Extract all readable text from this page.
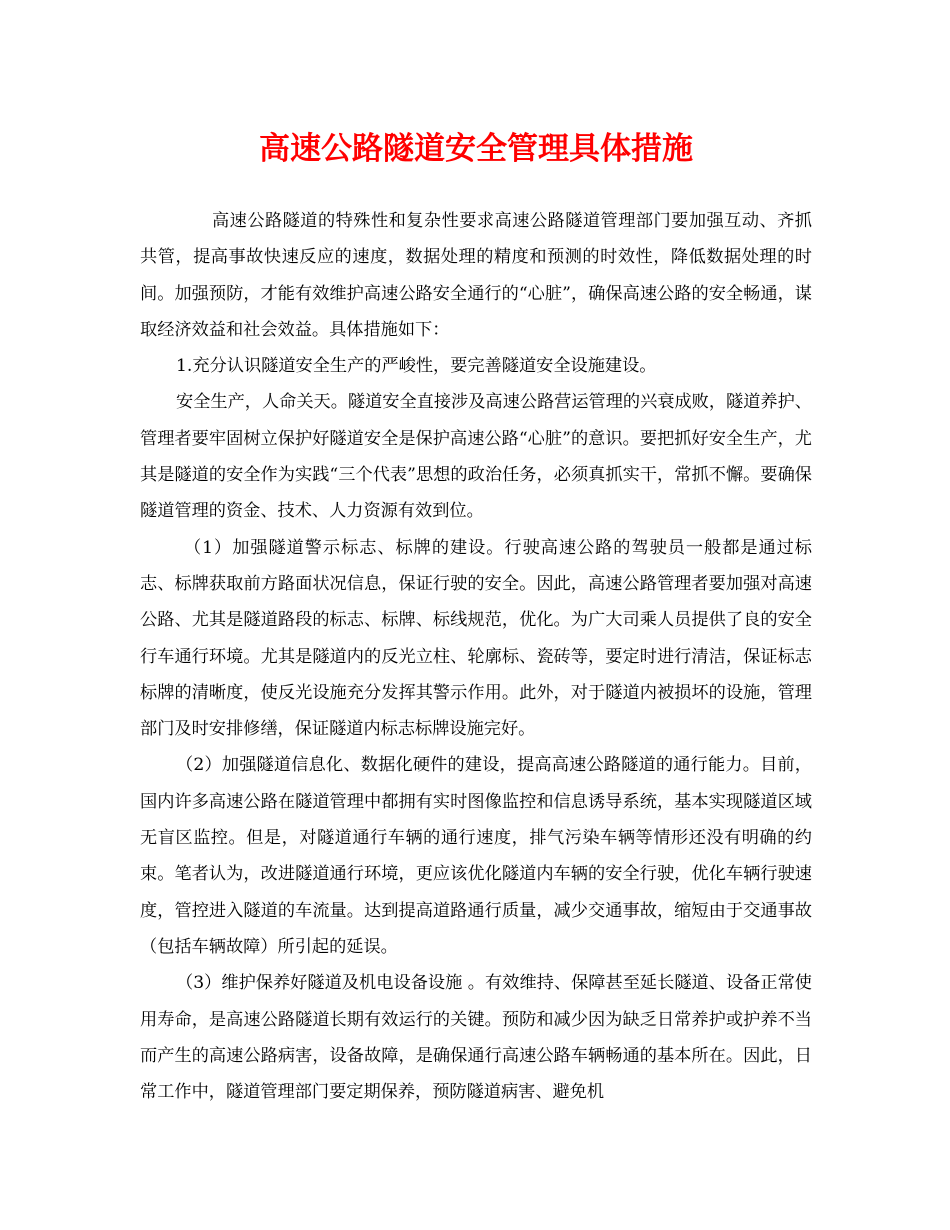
高速公路隧道安全管理具体措施

高速公路隧道的特殊性和复杂性要求高速公路隧道管理部门要加强互动、齐抓共管，提高事故快速反应的速度，数据处理的精度和预测的时效性，降低数据处理的时间。加强预防，才能有效维护高速公路安全通行的“心脏”，确保高速公路的安全畅通，谋取经济效益和社会效益。具体措施如下：

1.充分认识隧道安全生产的严峻性，要完善隧道安全设施建设。

安全生产，人命关天。隧道安全直接涉及高速公路营运管理的兴衰成败，隧道养护、管理者要牢固树立保护好隧道安全是保护高速公路“心脏”的意识。要把抓好安全生产，尤其是隧道的安全作为实践“三个代表”思想的政治任务，必须真抓实干，常抓不懈。要确保隧道管理的资金、技术、人力资源有效到位。

（1）加强隧道警示标志、标牌的建设。行驶高速公路的驾驶员一般都是通过标志、标牌获取前方路面状况信息，保证行驶的安全。因此，高速公路管理者要加强对高速公路、尤其是隧道路段的标志、标牌、标线规范，优化。为广大司乘人员提供了良的安全行车通行环境。尤其是隧道内的反光立柱、轮廓标、瓷砖等，要定时进行清洁，保证标志标牌的清晰度，使反光设施充分发挥其警示作用。此外，对于隧道内被损坏的设施，管理部门及时安排修缮，保证隧道内标志标牌设施完好。

（2）加强隧道信息化、数据化硬件的建设，提高高速公路隧道的通行能力。目前，国内许多高速公路在隧道管理中都拥有实时图像监控和信息诱导系统，基本实现隧道区域无盲区监控。但是，对隧道通行车辆的通行速度，排气污染车辆等情形还没有明确的约束。笔者认为，改进隧道通行环境，更应该优化隧道内车辆的安全行驶，优化车辆行驶速度，管控进入隧道的车流量。达到提高道路通行质量，减少交通事故，缩短由于交通事故（包括车辆故障）所引起的延误。

（3）维护保养好隧道及机电设备设施 。有效维持、保障甚至延长隧道、设备正常使用寿命，是高速公路隧道长期有效运行的关键。预防和减少因为缺乏日常养护或护养不当而产生的高速公路病害，设备故障，是确保通行高速公路车辆畅通的基本所在。因此，日常工作中，隧道管理部门要定期保养，预防隧道病害、避免机
